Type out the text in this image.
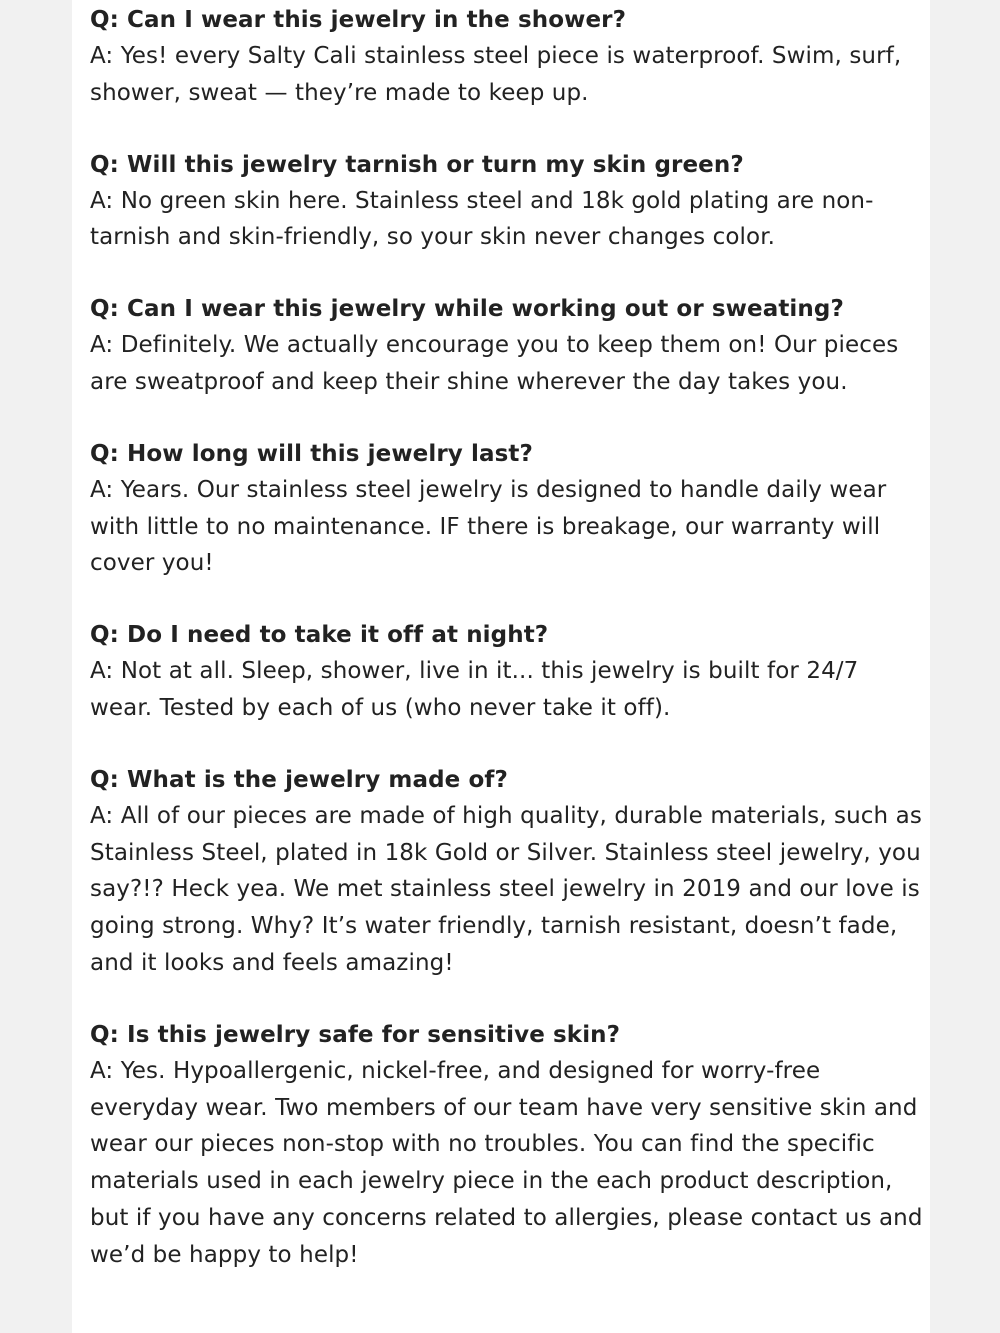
Q: Can I wear this jewelry in the shower?

A: Yes! every Salty Cali stainless steel piece is waterproof. Swim, surf, shower, sweat — they’re made to keep up.

Q: Will this jewelry tarnish or turn my skin green?

A: No green skin here. Stainless steel and 18k gold plating are non-tarnish and skin-friendly, so your skin never changes color.

Q: Can I wear this jewelry while working out or sweating?

A: Definitely. We actually encourage you to keep them on! Our pieces are sweatproof and keep their shine wherever the day takes you.

Q: How long will this jewelry last?

A: Years. Our stainless steel jewelry is designed to handle daily wear with little to no maintenance. IF there is breakage, our warranty will cover you!

Q: Do I need to take it off at night?

A: Not at all. Sleep, shower, live in it... this jewelry is built for 24/7 wear. Tested by each of us (who never take it off).

Q: What is the jewelry made of?

A: All of our pieces are made of high quality, durable materials, such as Stainless Steel, plated in 18k Gold or Silver. Stainless steel jewelry, you say?!? Heck yea. We met stainless steel jewelry in 2019 and our love is going strong. Why? It’s water friendly, tarnish resistant, doesn’t fade, and it looks and feels amazing!

Q: Is this jewelry safe for sensitive skin?

A: Yes. Hypoallergenic, nickel-free, and designed for worry-free everyday wear. Two members of our team have very sensitive skin and wear our pieces non-stop with no troubles. You can find the specific materials used in each jewelry piece in the each product description, but if you have any concerns related to allergies, please contact us and we’d be happy to help!
